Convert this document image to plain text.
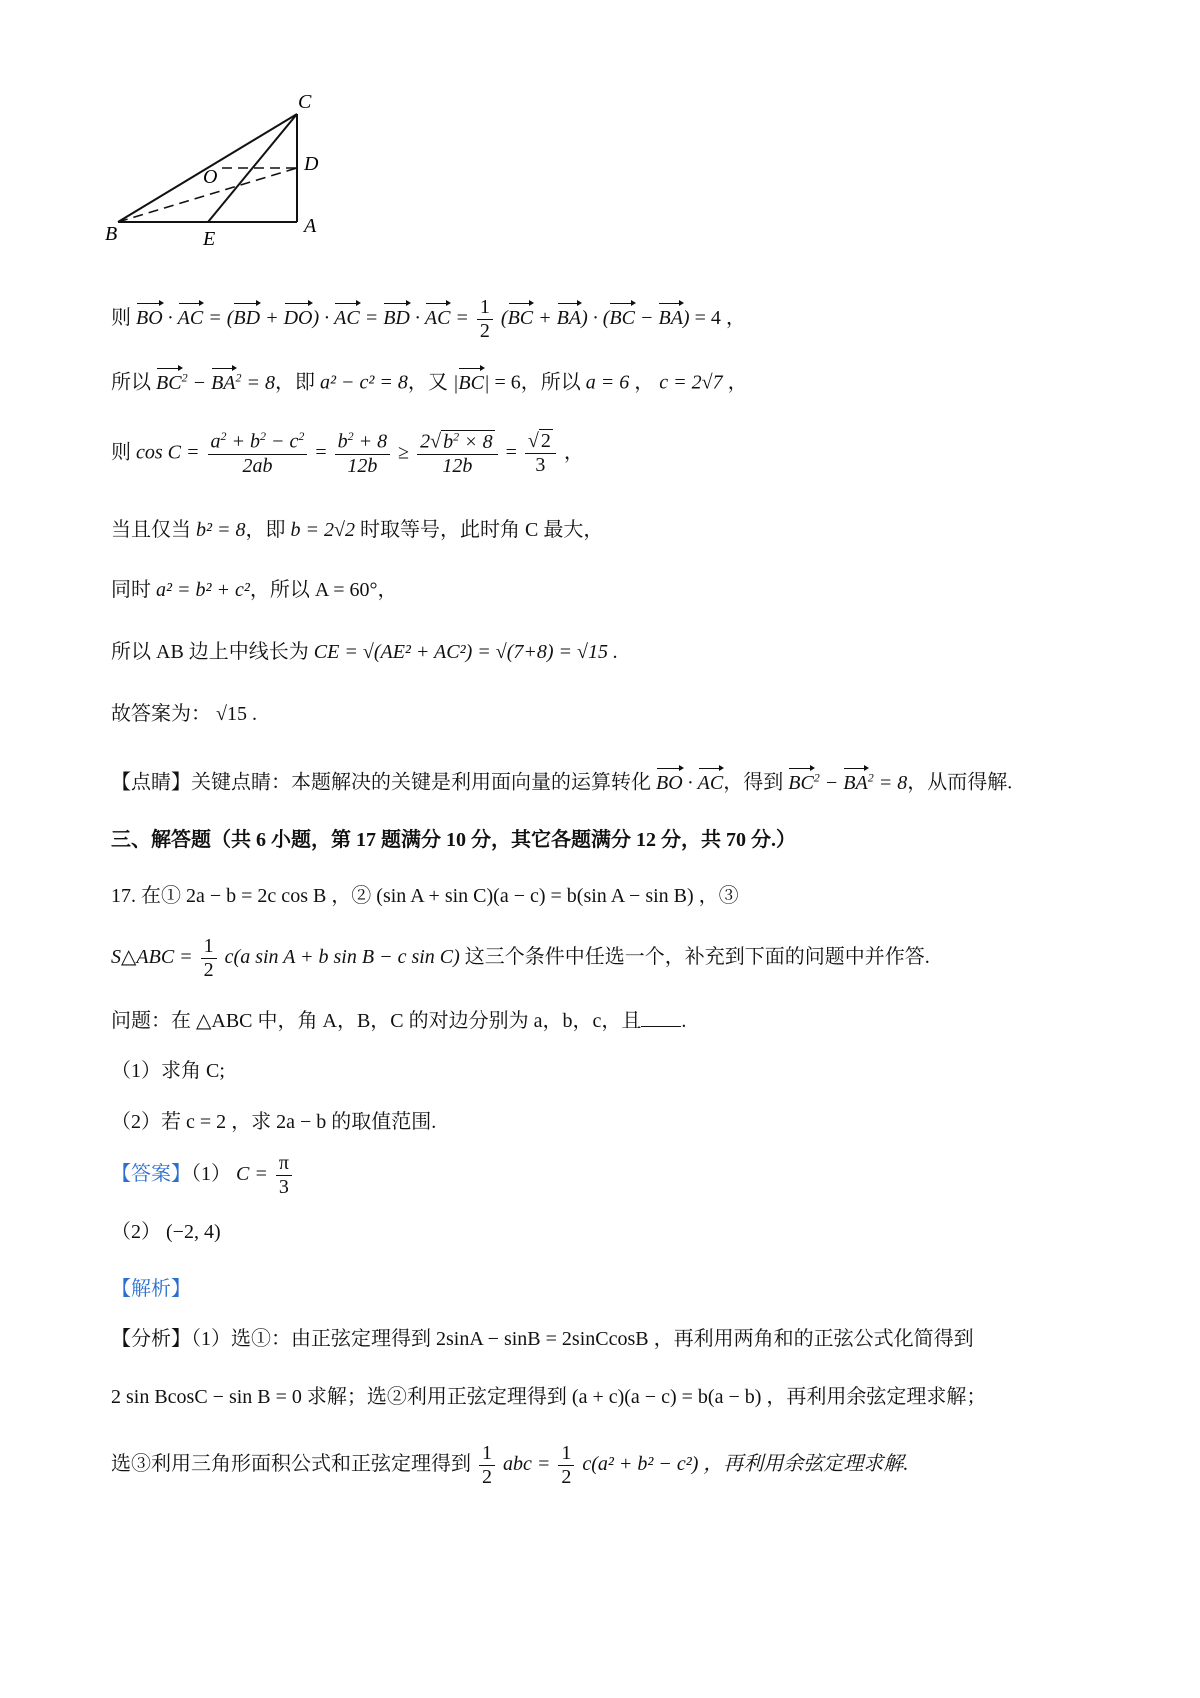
C
D
O
B	E
A
则 BO · AC = (BD + DO) · AC = BD · AC = $\frac{1}{2} (BC + BA) \cdot (BC - BA) = 4$ ，
所以 $BC^2 - BA^2 = 8$，即 a² − c² = 8，又 |BC| = 6，所以 a = 6 ， c = 2√7 ，
则 $\cos C = \frac{a^2 + b^2 - c^2}{2ab} = \frac{b^2 + 8}{12b} \ge \frac{2√ b^2 \times 8}{12b} = \frac{√ 2}{3}$ ，
当且仅当 b² = 8，即 b = 2√2 时取等号，此时角 C 最大，
同时 a² = b² + c²，所以 A = 60°，
所以 AB 边上中线长为 CE = √(AE² + AC²) = √(7+8) = √15 .
故答案为： √15 .
【点睛】关键点睛：本题解决的关键是利用面向量的运算转化 BO · AC，得到 $BC^2 - BA^2 = 8$，从而得解.
三、解答题（共 6 小题，第 17 题满分 10 分，其它各题满分 12 分，共 70 分.）
17. 在① 2a − b = 2c cos B ，② (sin A + sin C)(a − c) = b(sin A − sin B) ，③
S△ABC = $\frac{1}{2} c(a$ sin A + b sin B − c sin C) 这三个条件中任选一个，补充到下面的问题中并作答.
问题：在 △ABC 中，角 A，B，C 的对边分别为 a，b，c，且 .
（1）求角 C;
（2）若 c = 2 ，求 2a − b 的取值范围.
【答案】（1） $C = \frac{\pi}{3}$
（2） (−2, 4)
【解析】
【分析】（1）选①：由正弦定理得到 2sinA − sinB = 2sinCcosB ，再利用两角和的正弦公式化简得到
2 sin BcosC − sin B = 0 求解；选②利用正弦定理得到 (a + c)(a − c) = b(a − b) ，再利用余弦定理求解；
选③利用三角形面积公式和正弦定理得到 $\frac{1}{2}$ abc = $\frac{1}{2} c(a^2 + b^2 - c^2)$ ，再利用余弦定理求解.
